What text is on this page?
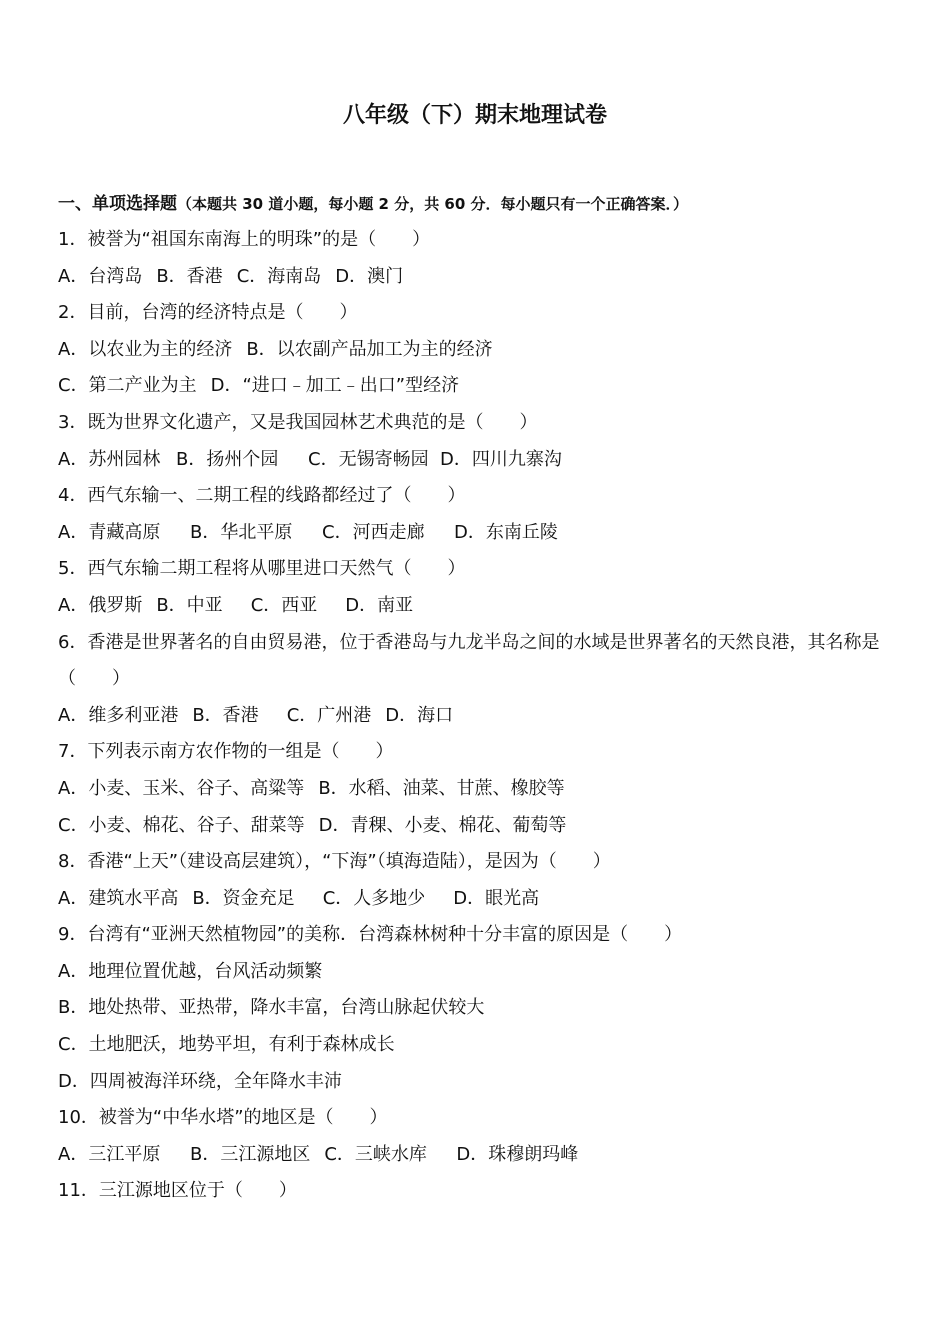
八年级（下）期末地理试卷
一、单项选择题（本题共 30 道小题，每小题 2 分，共 60 分．每小题只有一个正确答案．）
1．被誉为“祖国东南海上的明珠”的是（　　）
A．台湾岛 B．香港 C．海南岛 D．澳门
2．目前，台湾的经济特点是（　　）
A．以农业为主的经济 B．以农副产品加工为主的经济
C．第二产业为主 D．“进口﹣加工﹣出口”型经济
3．既为世界文化遗产，又是我国园林艺术典范的是（　　）
A．苏州园林 B．扬州个园 C．无锡寄畅园 D．四川九寨沟
4．西气东输一、二期工程的线路都经过了（　　）
A．青藏高原 B．华北平原 C．河西走廊 D．东南丘陵
5．西气东输二期工程将从哪里进口天然气（　　）
A．俄罗斯 B．中亚 C．西亚 D．南亚
6．香港是世界著名的自由贸易港，位于香港岛与九龙半岛之间的水域是世界著名的天然良港，其名称是（　　）
A．维多利亚港 B．香港 C．广州港 D．海口
7．下列表示南方农作物的一组是（　　）
A．小麦、玉米、谷子、高粱等 B．水稻、油菜、甘蔗、橡胶等
C．小麦、棉花、谷子、甜菜等 D．青稞、小麦、棉花、葡萄等
8．香港“上天”（建设高层建筑），“下海”（填海造陆），是因为（　　）
A．建筑水平高 B．资金充足 C．人多地少 D．眼光高
9．台湾有“亚洲天然植物园”的美称．台湾森林树种十分丰富的原因是（　　）
A．地理位置优越，台风活动频繁
B．地处热带、亚热带，降水丰富，台湾山脉起伏较大
C．土地肥沃，地势平坦，有利于森林成长
D．四周被海洋环绕，全年降水丰沛
10．被誉为“中华水塔”的地区是（　　）
A．三江平原 B．三江源地区 C．三峡水库 D．珠穆朗玛峰
11．三江源地区位于（　　）
